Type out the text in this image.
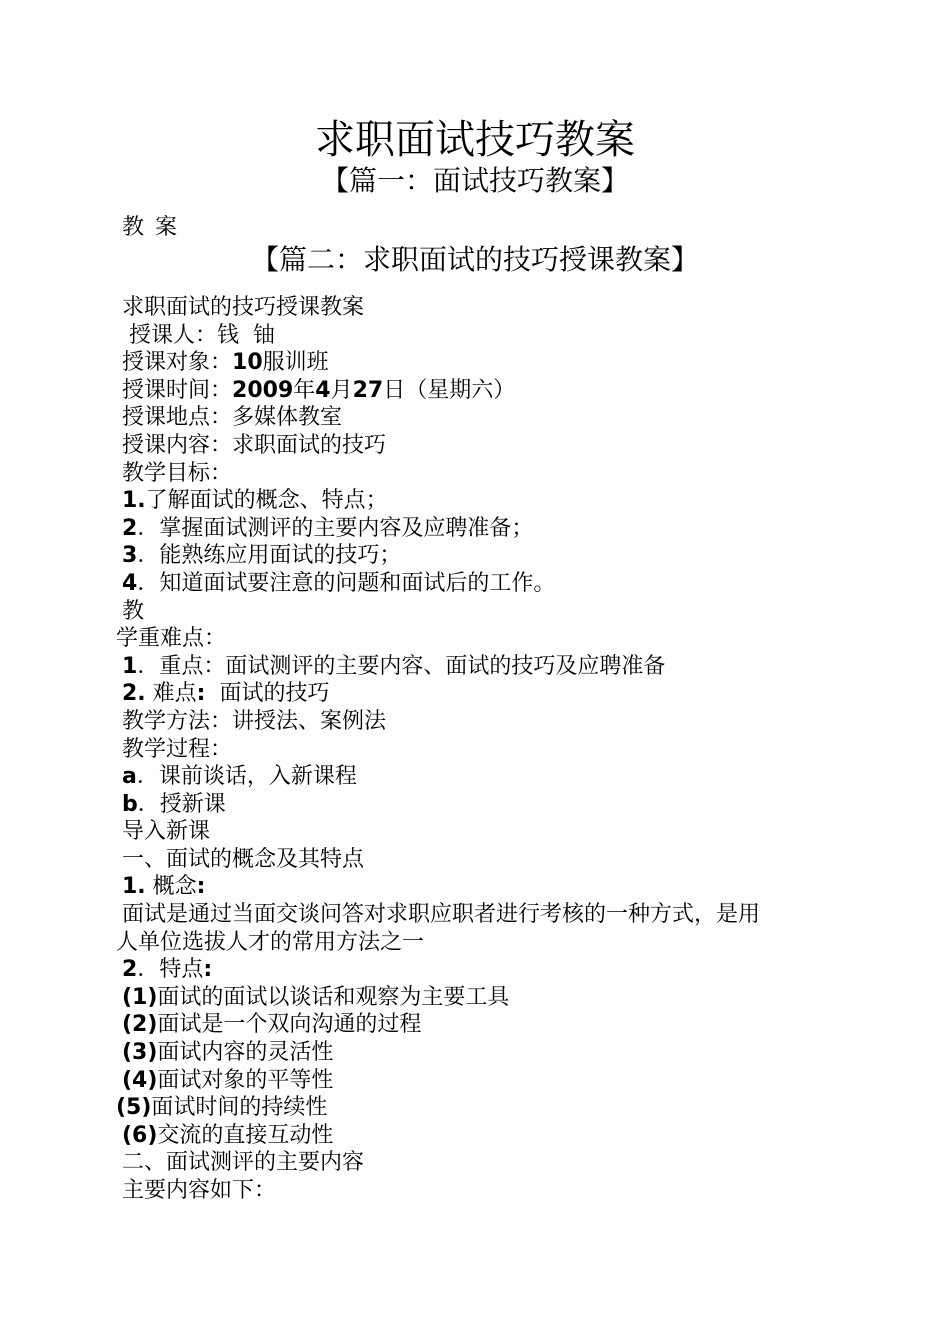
求职面试技巧教案
【篇一：面试技巧教案】
教 案
【篇二：求职面试的技巧授课教案】
求职面试的技巧授课教案
授课人：钱  铀
授课对象：10服训班
授课时间：2009年4月27日（星期六）
授课地点：多媒体教室
授课内容：求职面试的技巧
教学目标：
1.了解面试的概念、特点；
2．掌握面试测评的主要内容及应聘准备；
3．能熟练应用面试的技巧；
4．知道面试要注意的问题和面试后的工作。
教
学重难点：
1．重点：面试测评的主要内容、面试的技巧及应聘准备
2. 难点:  面试的技巧
教学方法：讲授法、案例法
教学过程：
a．课前谈话，入新课程
b．授新课
导入新课
一、面试的概念及其特点
1. 概念:
面试是通过当面交谈问答对求职应职者进行考核的一种方式，是用
人单位选拔人才的常用方法之一
2．特点:
(1)面试的面试以谈话和观察为主要工具
(2)面试是一个双向沟通的过程
(3)面试内容的灵活性
(4)面试对象的平等性
(5)面试时间的持续性
(6)交流的直接互动性
二、面试测评的主要内容
主要内容如下：
